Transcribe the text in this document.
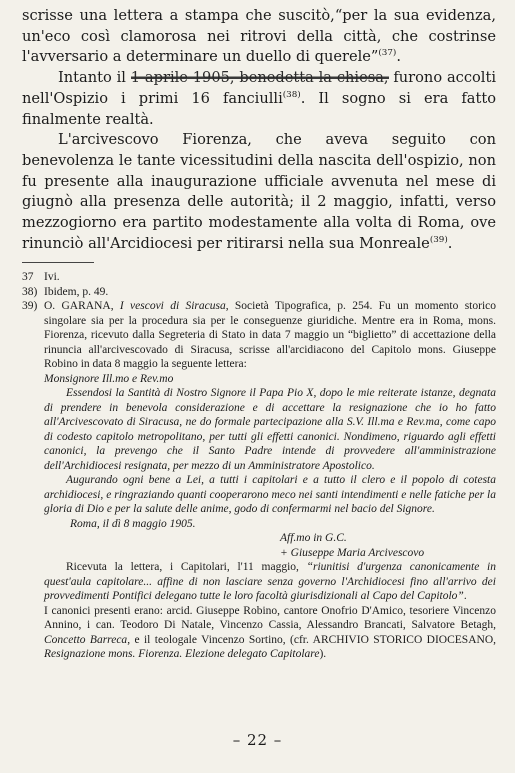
scrisse una lettera a stampa che suscitò,“per la sua evidenza, un'eco così clamorosa nei ritrovi della città, che costrinse l'avversario a determinare un duello di querele”$^{(37)}$.

Intanto il 1 aprile 1905, benedetta la chiesa, furono accolti nell'Ospizio i primi 16 fanciulli$^{(38)}$. Il sogno si era fatto finalmente realtà.

L'arcivescovo Fiorenza, che aveva seguito con benevolenza le tante vicessitudini della nascita dell'ospizio, non fu presente alla inaugurazione ufficiale avvenuta nel mese di giugnò alla presenza delle autorità; il 2 maggio, infatti, verso mezzogiorno era partito modestamente alla volta di Roma, ove rinunciò all'Arcidiocesi per ritirarsi nella sua Monreale$^{(39)}$.

37 Ivi.

38) Ibidem, p. 49.

39) O. GARANA, I vescovi di Siracusa, Società Tipografica, p. 254. Fu un momento storico singolare sia per la procedura sia per le conseguenze giuridiche. Mentre era in Roma, mons. Fiorenza, ricevuto dalla Segreteria di Stato in data 7 maggio un “biglietto” di accettazione della rinuncia all'arcivescovado di Siracusa, scrisse all'arcidiacono del Capitolo mons. Giuseppe Robino in data 8 maggio la seguente lettera:

Monsignore Ill.mo e Rev.mo

Essendosi la Santità di Nostro Signore il Papa Pio X, dopo le mie reiterate istanze, degnata di prendere in benevola considerazione e di accettare la resignazione che io ho fatto all'Arcivescovato di Siracusa, ne do formale partecipazione alla S.V. Ill.ma e Rev.ma, come capo di codesto capitolo metropolitano, per tutti gli effetti canonici. Nondimeno, riguardo agli effetti canonici, la prevengo che il Santo Padre intende di provvedere all'amministrazione dell'Archidiocesi resignata, per mezzo di un Amministratore Apostolico.

Augurando ogni bene a Lei, a tutti i capitolari e a tutto il clero e il popolo di cotesta archidiocesi, e ringraziando quanti cooperarono meco nei santi intendimenti e nelle fatiche per la gloria di Dio e per la salute delle anime, godo di confermarmi nel bacio del Signore.

Roma, il dì 8 maggio 1905.

Aff.mo in G.C.

+ Giuseppe Maria Arcivescovo

Ricevuta la lettera, i Capitolari, l'11 maggio, “riunitisi d'urgenza canonicamente in quest'aula capitolare... affine di non lasciare senza governo l'Archidiocesi fino all'arrivo dei provvedimenti Pontifici delegano tutte le loro facoltà giurisdizionali al Capo del Capitolo”.

I canonici presenti erano: arcid. Giuseppe Robino, cantore Onofrio D'Amico, tesoriere Vincenzo Annino, i can. Teodoro Di Natale, Vincenzo Cassia, Alessandro Brancati, Salvatore Betagh, Concetto Barreca, e il teologale Vincenzo Sortino, (cfr. ARCHIVIO STORICO DIOCESANO, Resignazione mons. Fiorenza. Elezione delegato Capitolare).

– 22 –
